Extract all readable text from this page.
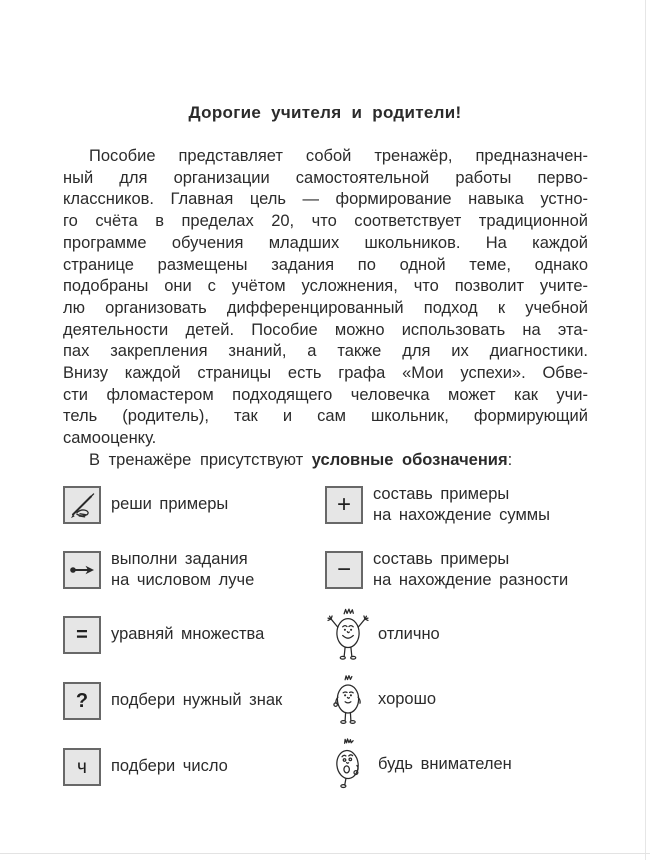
Дорогие учителя и родители!
Пособие представляет собой тренажёр, предназначен-
ный для организации самостоятельной работы перво-
классников. Главная цель — формирование навыка устно-
го счёта в пределах 20, что соответствует традиционной
программе обучения младших школьников. На каждой
странице размещены задания по одной теме, однако
подобраны они с учётом усложнения, что позволит учите-
лю организовать дифференцированный подход к учебной
деятельности детей. Пособие можно использовать на эта-
пах закрепления знаний, а также для их диагностики.
Внизу каждой страницы есть графа «Мои успехи». Обве-
сти фломастером подходящего человечка может как учи-
тель (родитель), так и сам школьник, формирующий
самооценку.
В тренажёре присутствуют условные обозначения:
реши примеры
выполни задания
на числовом луче
= уравняй множества
? подбери нужный знак
ч подбери число
+ составь примеры
на нахождение суммы
− составь примеры
на нахождение разности
отлично
хорошо
будь внимателен
